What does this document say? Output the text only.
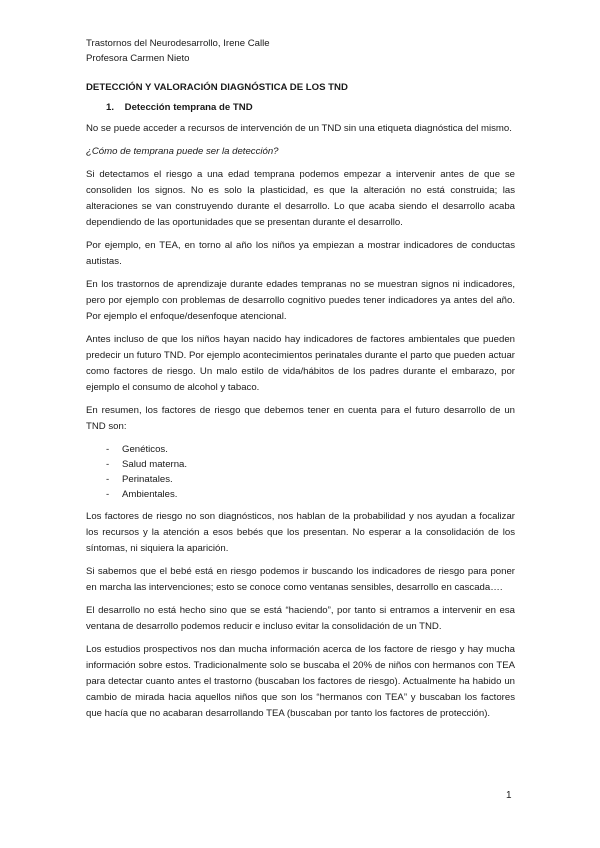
Trastornos del Neurodesarrollo, Irene Calle
Profesora Carmen Nieto
DETECCIÓN Y VALORACIÓN DIAGNÓSTICA DE LOS TND
1. Detección temprana de TND

No se puede acceder a recursos de intervención de un TND sin una etiqueta diagnóstica del mismo.

¿Cómo de temprana puede ser la detección?

Si detectamos el riesgo a una edad temprana podemos empezar a intervenir antes de que se consoliden los signos. No es solo la plasticidad, es que la alteración no está construida; las alteraciones se van construyendo durante el desarrollo. Lo que acaba siendo el desarrollo acaba dependiendo de las oportunidades que se presentan durante el desarrollo.

Por ejemplo, en TEA, en torno al año los niños ya empiezan a mostrar indicadores de conductas autistas.

En los trastornos de aprendizaje durante edades tempranas no se muestran signos ni indicadores, pero por ejemplo con problemas de desarrollo cognitivo puedes tener indicadores ya antes del año. Por ejemplo el enfoque/desenfoque atencional.

Antes incluso de que los niños hayan nacido hay indicadores de factores ambientales que pueden predecir un futuro TND. Por ejemplo acontecimientos perinatales durante el parto que pueden actuar como factores de riesgo. Un malo estilo de vida/hábitos de los padres durante el embarazo, por ejemplo el consumo de alcohol y tabaco.

En resumen, los factores de riesgo que debemos tener en cuenta para el futuro desarrollo de un TND son:

- Genéticos.
- Salud materna.
- Perinatales.
- Ambientales.

Los factores de riesgo no son diagnósticos, nos hablan de la probabilidad y nos ayudan a focalizar los recursos y la atención a esos bebés que los presentan. No esperar a la consolidación de los síntomas, ni siquiera la aparición.

Si sabemos que el bebé está en riesgo podemos ir buscando los indicadores de riesgo para poner en marcha las intervenciones; esto se conoce como ventanas sensibles, desarrollo en cascada….

El desarrollo no está hecho sino que se está “haciendo”, por tanto si entramos a intervenir en esa ventana de desarrollo podemos reducir e incluso evitar la consolidación de un TND.

Los estudios prospectivos nos dan mucha información acerca de los factore de riesgo y hay mucha información sobre estos. Tradicionalmente solo se buscaba el 20% de niños con hermanos con TEA para detectar cuanto antes el trastorno (buscaban los factores de riesgo). Actualmente ha habido un cambio de mirada hacia aquellos niños que son los “hermanos con TEA” y buscaban los factores que hacía que no acabaran desarrollando TEA (buscaban por tanto los factores de protección).

1
